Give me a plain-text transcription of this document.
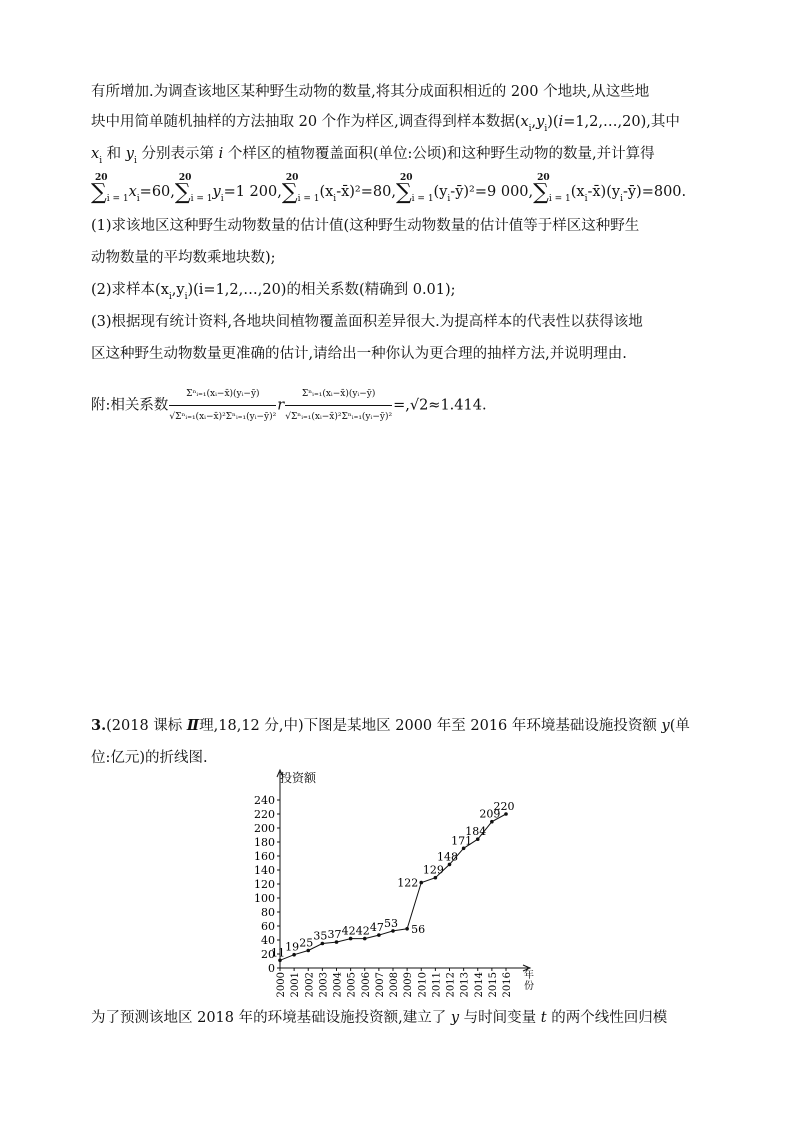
有所增加.为调查该地区某种野生动物的数量,将其分成面积相近的 200 个地块,从这些地
块中用简单随机抽样的方法抽取 20 个作为样区,调查得到样本数据$(x_i,y_i)(i=1,2,\dots,20)$,其中
$x_i$ 和 $y_i$ 分别表示第 i 个样区的植物覆盖面积(单位:公顷)和这种野生动物的数量,并计算得
20
$\sum_{i = 1}x_i=60$,
20
$\sum_{i = 1}y_i=1$ 200,
20
$\sum_{i = 1}(x_i-x̄)^2=80$,
20
$\sum_{i = 1}(y_i-ȳ)^2=9$ 000,
20
$\sum_{i = 1}(x_i-x̄)(y_i-ȳ)=800$.
(1)求该地区这种野生动物数量的估计值(这种野生动物数量的估计值等于样区这种野生
动物数量的平均数乘地块数);
(2)求样本$(x_i,y_i)(i=1,2,\dots,20)$的相关系数(精确到 0.01);
(3)根据现有统计资料,各地块间植物覆盖面积差异很大.为提高样本的代表性以获得该地
区这种野生动物数量更准确的估计,请给出一种你认为更合理的抽样方法,并说明理由.
附:相关系数 $\frac{\text{Σⁿᵢ₌₁(xᵢ−x̄)(yᵢ−ȳ)}}{\text{√Σⁿᵢ₌₁(xᵢ−x̄)²Σⁿᵢ₌₁(yᵢ−ȳ)²}}$ r $\frac{\text{Σⁿᵢ₌₁(xᵢ−x̄)(yᵢ−ȳ)}}{\text{√Σⁿᵢ₌₁(xᵢ−x̄)²Σⁿᵢ₌₁(yᵢ−ȳ)²}} =,√2\approx 1.414$.
3.(2018 课标 Ⅱ理,18,12 分,中)下图是某地区 2000 年至 2016 年环境基础设施投资额 y(单
位:亿元)的折线图.
0
20
40
60
80
100
120
140
160
180
200
220
240
2000 2001 2002 2003 2004 2005 2006 2007 2008 2009 2010 2011 2012 2013 2014 2015 2016
11 19 25
35 37 42 42 47 53 56
122
129
148
171
184
209
220
投资额
年
份
为了预测该地区 2018 年的环境基础设施投资额,建立了 y 与时间变量 t 的两个线性回归模
